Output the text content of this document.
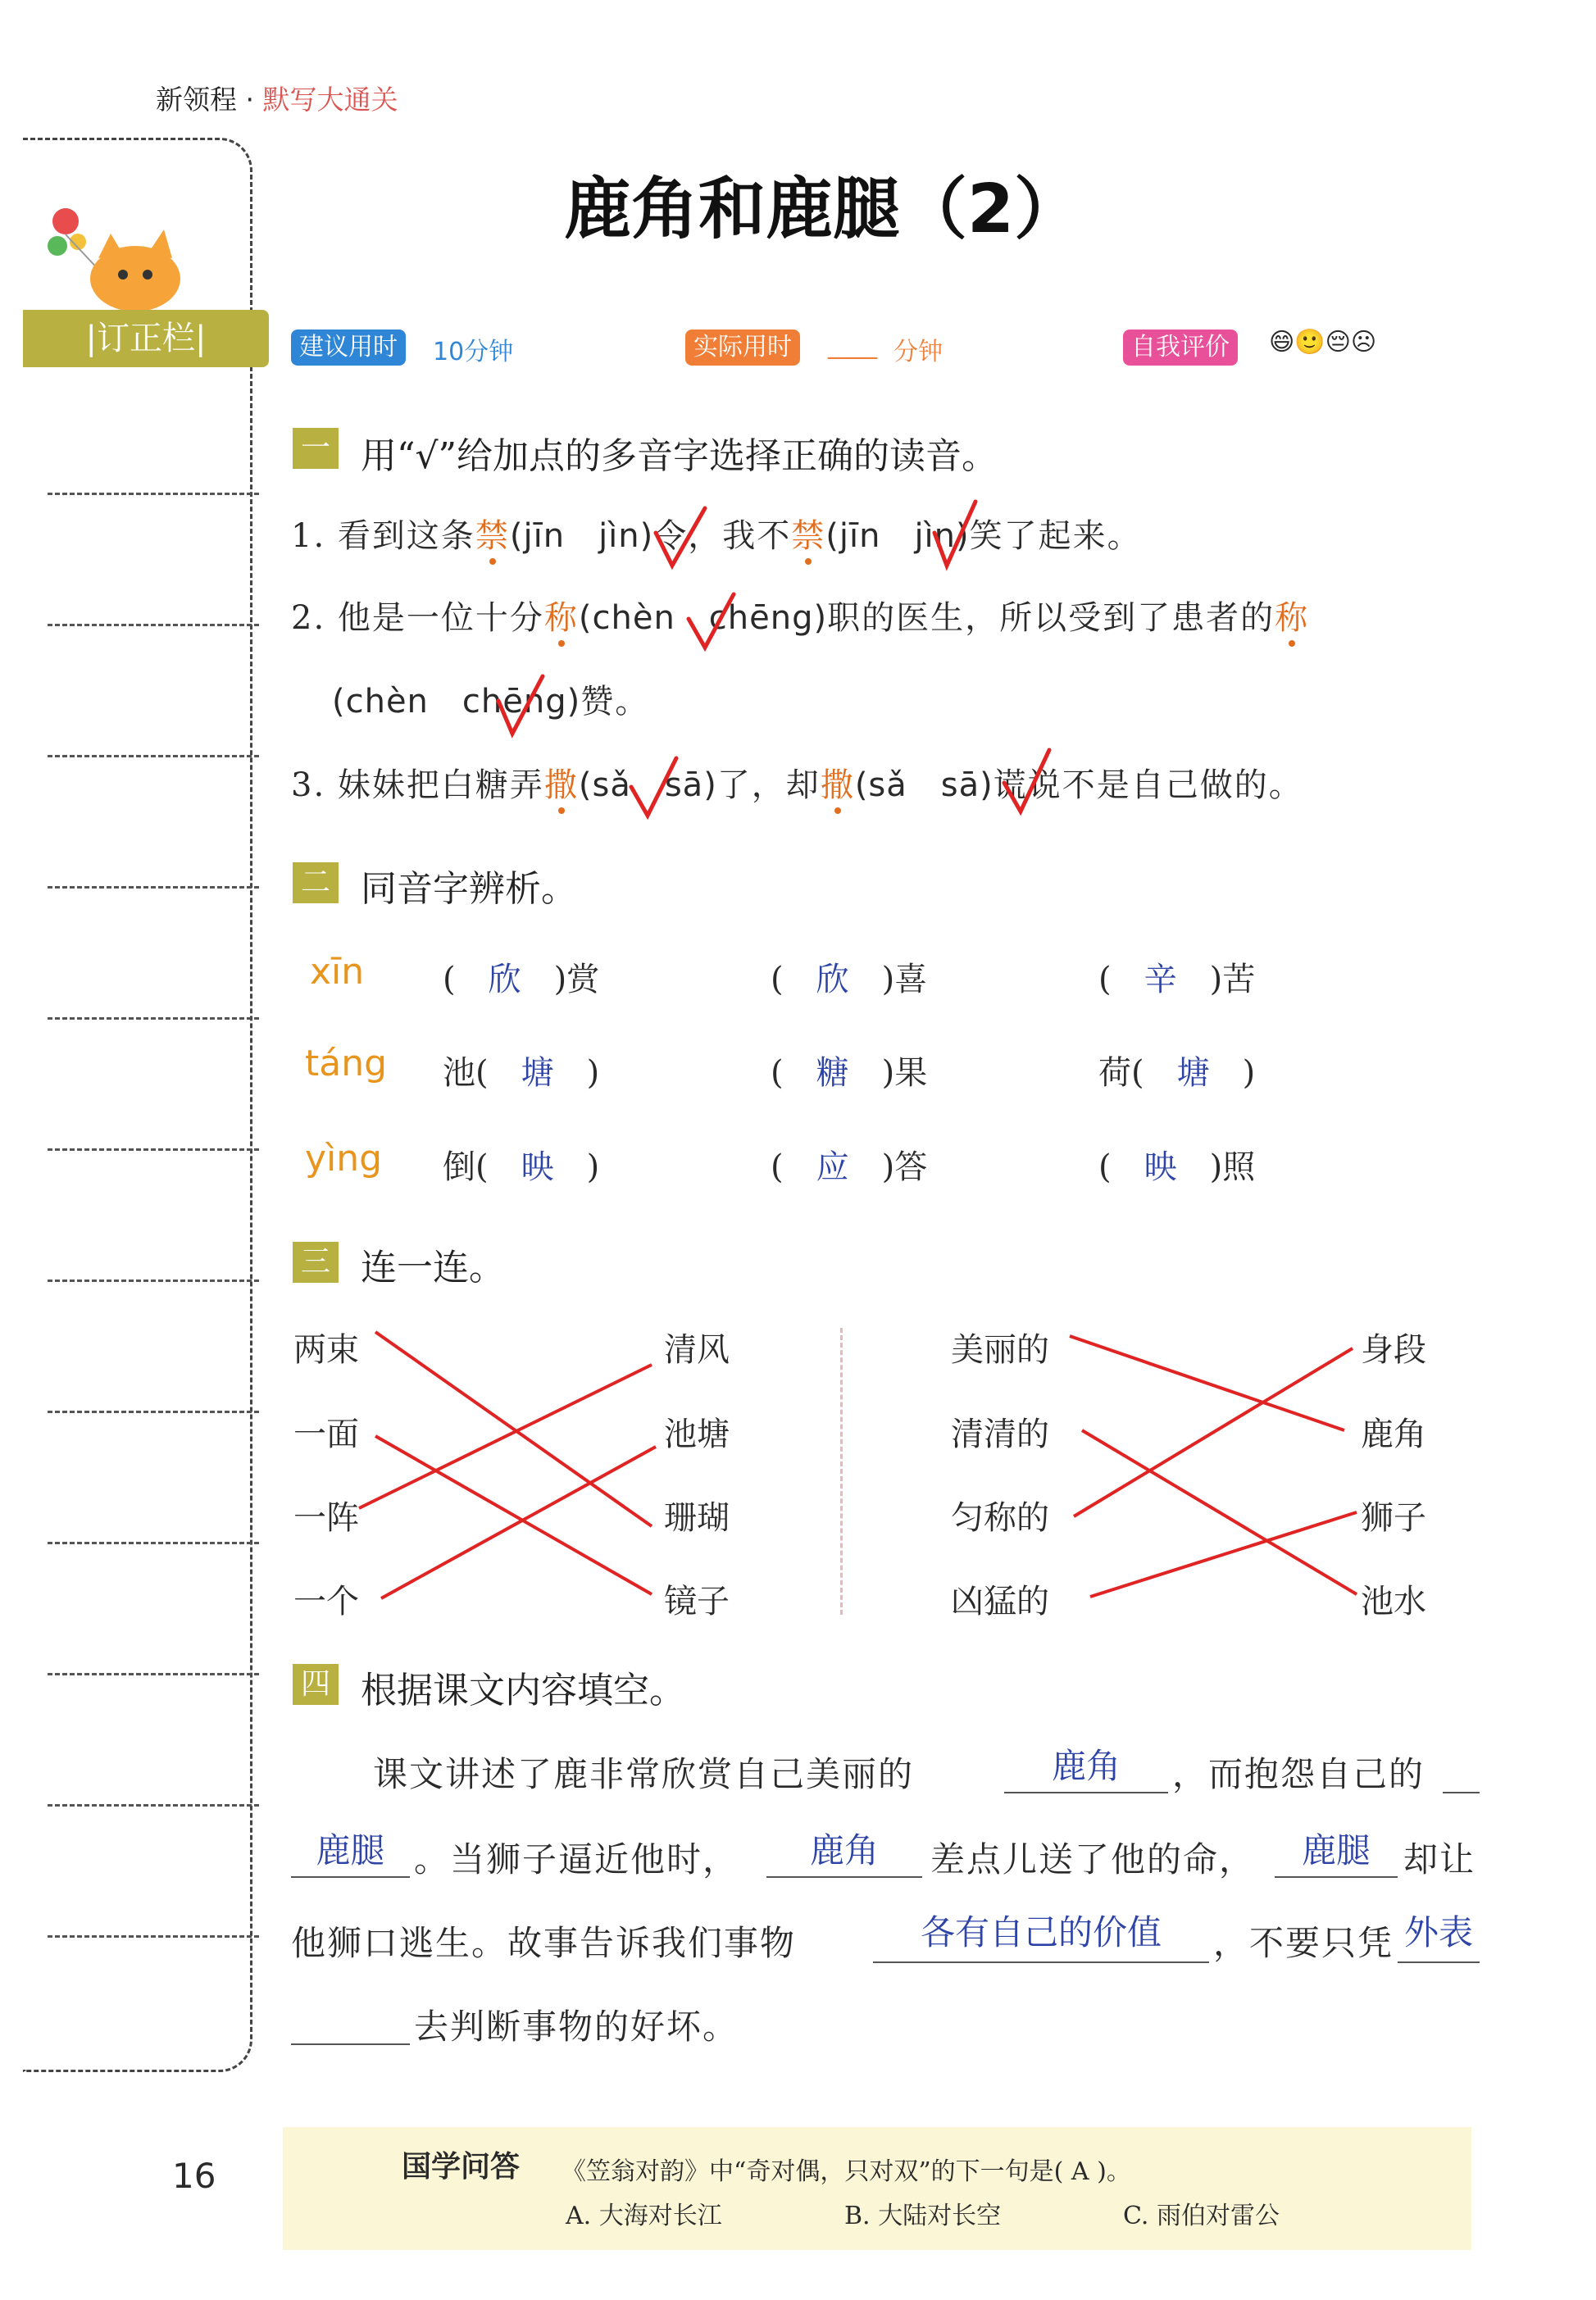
新领程 · 默写大通关
鹿角和鹿腿（2）
|订正栏|	建议用时	10分钟	实际用时	____ 分钟	自我评价	😄🙂😔☹
一 用“√”给加点的多音字选择正确的读音。
1. 看到这条禁(jīn　jìn)令，我不禁(jīn　jìn)笑了起来。
2. 他是一位十分称(chèn　chēng)职的医生，所以受到了患者的称
(chèn　chēng)赞。
3. 妹妹把白糖弄撒(sǎ　sā)了，却撒(sǎ　sā)谎说不是自己做的。
二 同音字辨析。
xīn (　 欣　 )赏	(　 欣　 )喜	(　 辛　 )苦
táng 池(　 塘　 )	(　 糖　 )果	荷(　 塘　 )
yìng 倒(　 映　 )	(　 应　 )答	(　 映　 )照
三 连一连。
两束
一面
一阵
一个
清风
池塘
珊瑚
镜子
美丽的
清清的
匀称的
凶猛的
身段
鹿角
狮子
池水
四 根据课文内容填空。
课文讲述了鹿非常欣赏自己美丽的	鹿角	，而抱怨自己的
鹿腿 。当狮子逼近他时，	鹿角	差点儿送了他的命，	鹿腿 却让
他狮口逃生。故事告诉我们事物	各有自己的价值	，不要只凭 外表
去判断事物的好坏。
16	国学问答 《笠翁对韵》中“奇对偶，只对双”的下一句是( A )。
A. 大海对长江	B. 大陆对长空	C. 雨伯对雷公
